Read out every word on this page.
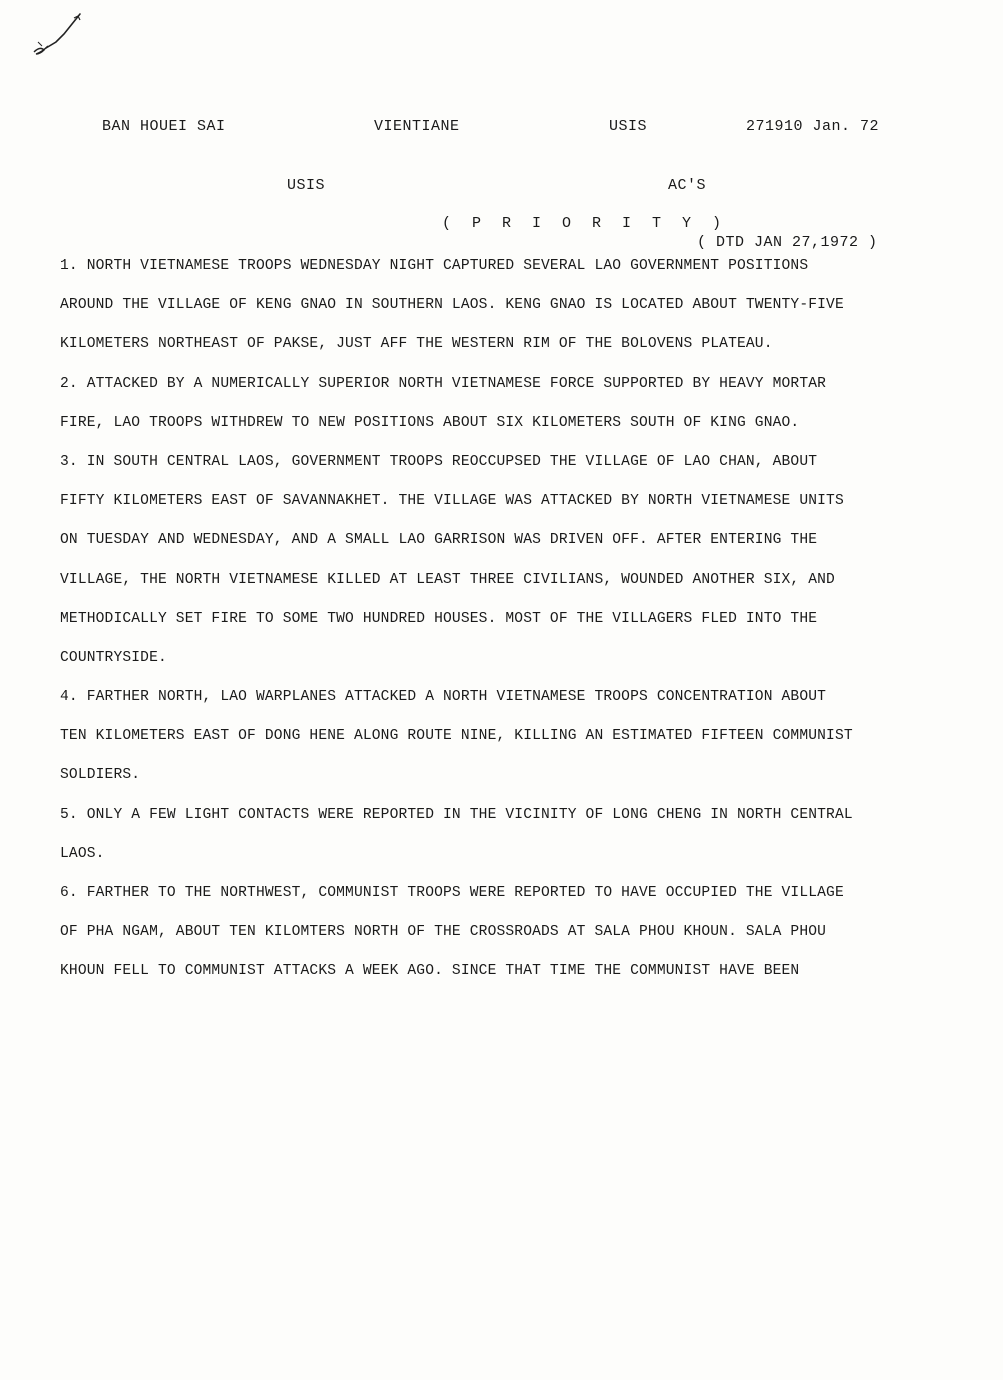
BAN HOUEI SAI	VIENTIANE	USIS	271910 Jan. 72
USIS	AC'S
( P R I O R I T Y )
( DTD JAN 27,1972 )
1. NORTH VIETNAMESE TROOPS WEDNESDAY NIGHT CAPTURED SEVERAL LAO GOVERNMENT POSITIONS
AROUND THE VILLAGE OF KENG GNAO IN SOUTHERN LAOS. KENG GNAO IS LOCATED ABOUT TWENTY-FIVE
KILOMETERS NORTHEAST OF PAKSE, JUST AFF THE WESTERN RIM OF THE BOLOVENS PLATEAU.
2. ATTACKED BY A NUMERICALLY SUPERIOR NORTH VIETNAMESE FORCE SUPPORTED BY HEAVY MORTAR
FIRE, LAO TROOPS WITHDREW TO NEW POSITIONS ABOUT SIX KILOMETERS SOUTH OF KING GNAO.
3. IN SOUTH CENTRAL LAOS, GOVERNMENT TROOPS REOCCUPSED THE VILLAGE OF LAO CHAN, ABOUT
FIFTY KILOMETERS EAST OF SAVANNAKHET. THE VILLAGE WAS ATTACKED BY NORTH VIETNAMESE UNITS
ON TUESDAY AND WEDNESDAY, AND A SMALL LAO GARRISON WAS DRIVEN OFF. AFTER ENTERING THE
VILLAGE, THE NORTH VIETNAMESE KILLED AT LEAST THREE CIVILIANS, WOUNDED ANOTHER SIX, AND
METHODICALLY SET FIRE TO SOME TWO HUNDRED HOUSES. MOST OF THE VILLAGERS FLED INTO THE
COUNTRYSIDE.
4. FARTHER NORTH, LAO WARPLANES ATTACKED A NORTH VIETNAMESE TROOPS CONCENTRATION ABOUT
TEN KILOMETERS EAST OF DONG HENE ALONG ROUTE NINE, KILLING AN ESTIMATED FIFTEEN COMMUNIST
SOLDIERS.
5. ONLY A FEW LIGHT CONTACTS WERE REPORTED IN THE VICINITY OF LONG CHENG IN NORTH CENTRAL
LAOS.
6. FARTHER TO THE NORTHWEST, COMMUNIST TROOPS WERE REPORTED TO HAVE OCCUPIED THE VILLAGE
OF PHA NGAM, ABOUT TEN KILOMTERS NORTH OF THE CROSSROADS AT SALA PHOU KHOUN. SALA PHOU
KHOUN FELL TO COMMUNIST ATTACKS A WEEK AGO. SINCE THAT TIME THE COMMUNIST HAVE BEEN
